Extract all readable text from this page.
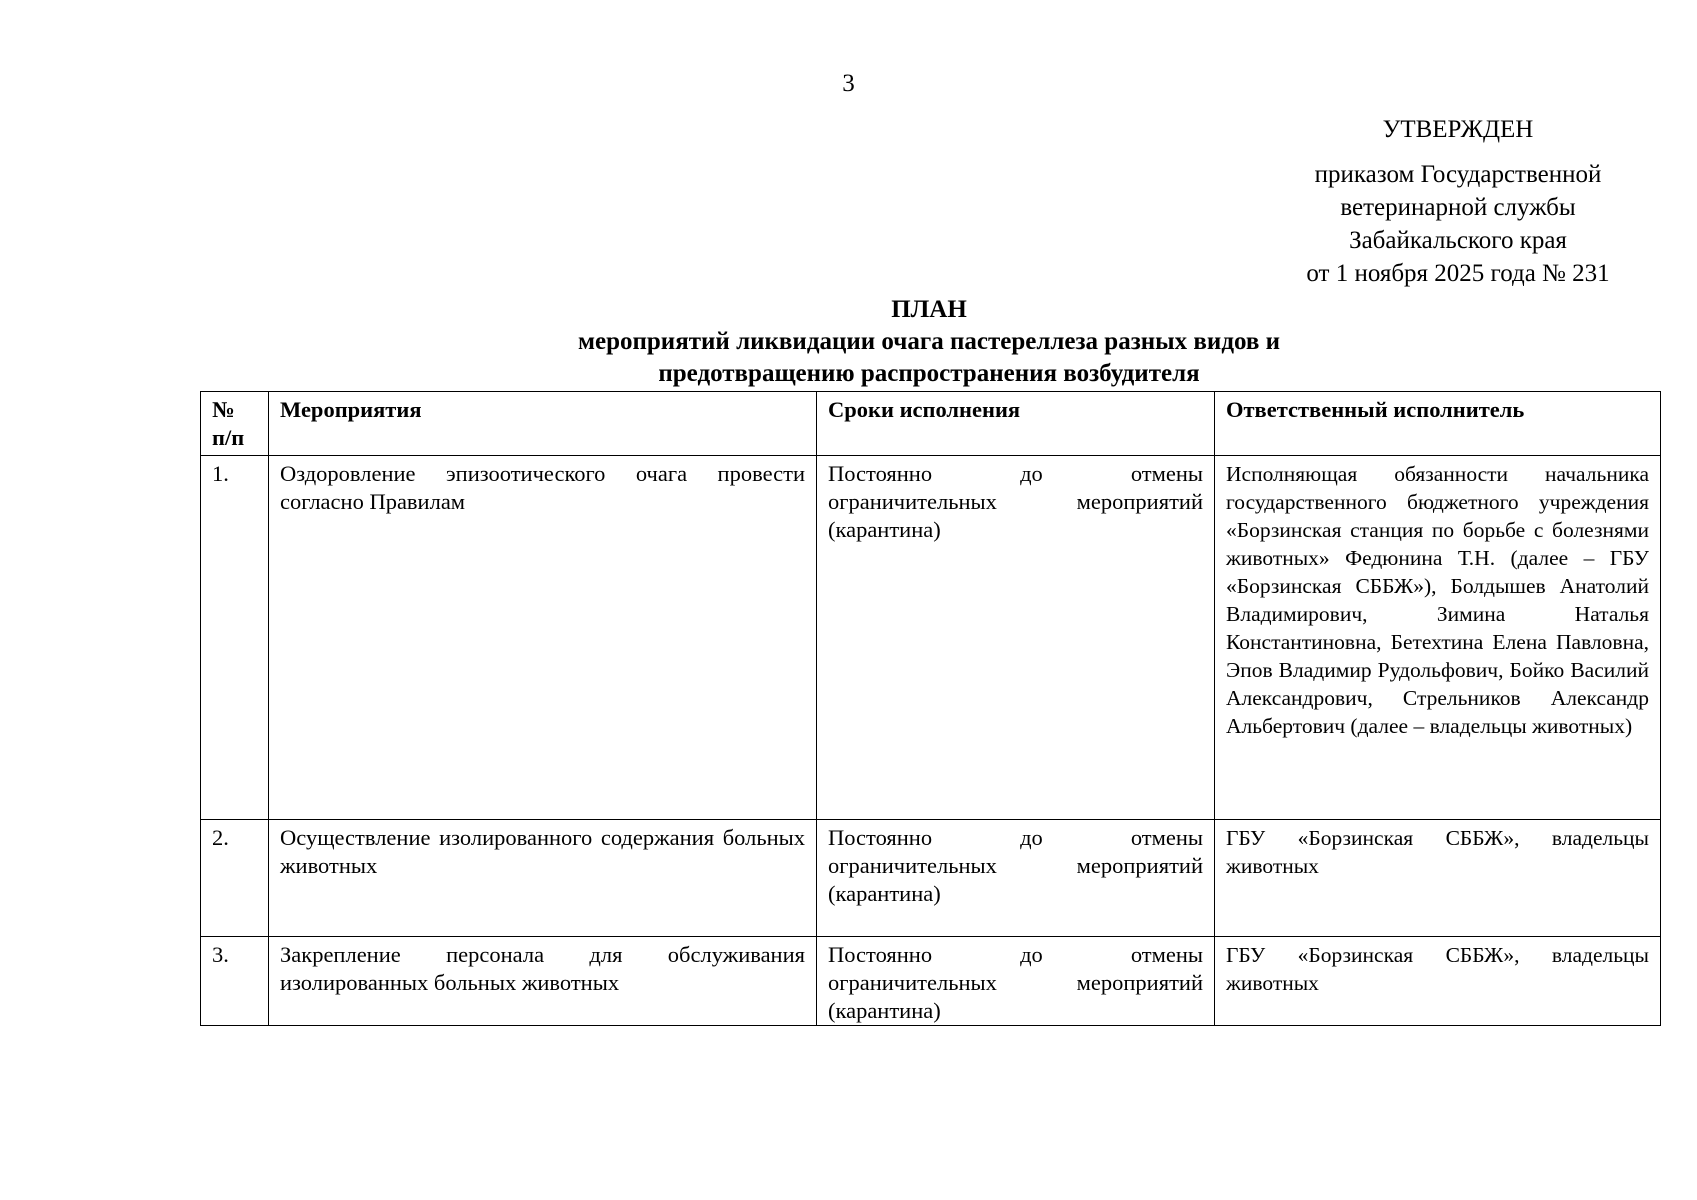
3
УТВЕРЖДЕН
приказом Государственной
ветеринарной службы
Забайкальского края
от 1 ноября 2025 года № 231
ПЛАН
мероприятий ликвидации очага пастереллеза разных видов и
предотвращению распространения возбудителя
№ п/п	Мероприятия	Сроки исполнения	Ответственный исполнитель
1.	Оздоровление эпизоотического очага провести согласно Правилам	Постоянно до отмены ограничительных мероприятий (карантина)	Исполняющая обязанности начальника государственного бюджетного учреждения «Борзинская станция по борьбе с болезнями животных» Федюнина Т.Н. (далее – ГБУ «Борзинская СББЖ»), Болдышев Анатолий Владимирович, Зимина Наталья Константиновна, Бетехтина Елена Павловна, Эпов Владимир Рудольфович, Бойко Василий Александрович, Стрельников Александр Альбертович (далее – владельцы животных)
2.	Осуществление изолированного содержания больных животных	Постоянно до отмены ограничительных мероприятий (карантина)	ГБУ «Борзинская СББЖ», владельцы животных
3.	Закрепление персонала для обслуживания изолированных больных животных	Постоянно до отмены ограничительных мероприятий (карантина)	ГБУ «Борзинская СББЖ», владельцы животных
